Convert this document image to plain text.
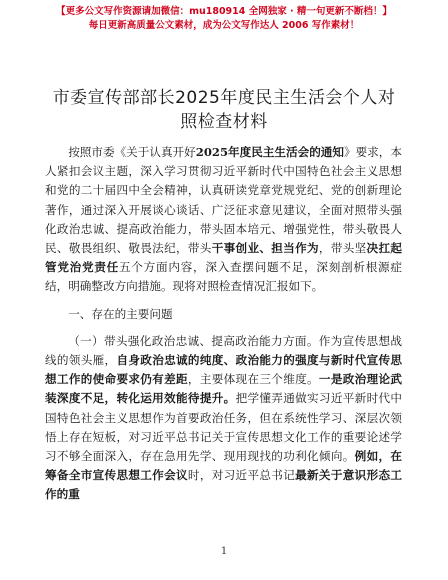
【更多公文写作资源请加微信：mu180914 全网独家 · 精一句更新不断档！】
每日更新高质量公文素材，成为公文写作达人 2006 写作素材！
市委宣传部部长2025年度民主生活会个人对照检查材料

按照市委《关于认真开好2025年度民主生活会的通知》要求，本人紧扣会议主题，深入学习贯彻习近平新时代中国特色社会主义思想和党的二十届四中全会精神，认真研读党章党规党纪、党的创新理论著作，通过深入开展谈心谈话、广泛征求意见建议，全面对照带头强化政治忠诚、提高政治能力，带头固本培元、增强党性，带头敬畏人民、敬畏组织、敬畏法纪，带头干事创业、担当作为，带头坚决扛起管党治党责任五个方面内容，深入查摆问题不足，深刻剖析根源症结，明确整改方向措施。现将对照检查情况汇报如下。

一、存在的主要问题

（一）带头强化政治忠诚、提高政治能力方面。作为宣传思想战线的领头雁，自身政治忠诚的纯度、政治能力的强度与新时代宣传思想工作的使命要求仍有差距，主要体现在三个维度。一是政治理论武装深度不足，转化运用效能待提升。把学懂弄通做实习近平新时代中国特色社会主义思想作为首要政治任务，但在系统性学习、深层次领悟上存在短板，对习近平总书记关于宣传思想文化工作的重要论述学习不够全面深入，存在急用先学、现用现找的功利化倾向。例如，在筹备全市宣传思想工作会议时，对习近平总书记最新关于意识形态工作的重

1
